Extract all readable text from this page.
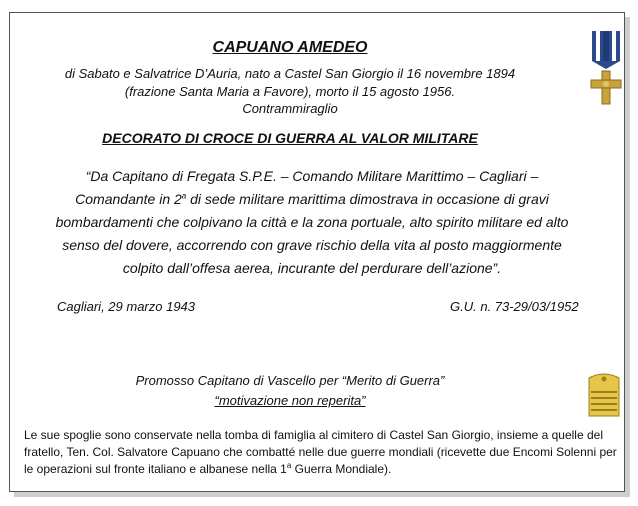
CAPUANO AMEDEO
di Sabato e Salvatrice D’Auria, nato a Castel San Giorgio il 16 novembre 1894
(frazione Santa Maria a Favore), morto il 15 agosto 1956.
Contrammiraglio
DECORATO DI CROCE DI GUERRA AL VALOR MILITARE
“Da Capitano di Fregata S.P.E. – Comando Militare Marittimo – Cagliari – Comandante in 2$^a$ di sede militare marittima dimostrava in occasione di gravi bombardamenti che colpivano la città e la zona portuale, alto spirito militare ed alto senso del dovere, accorrendo con grave rischio della vita al posto maggiormente colpito dall’offesa aerea, incurante del perdurare dell’azione”.
Cagliari, 29 marzo 1943	G.U. n. 73-29/03/1952
Promosso Capitano di Vascello per “Merito di Guerra”
“motivazione non reperita”
Le sue spoglie sono conservate nella tomba di famiglia al cimitero di Castel San Giorgio, insieme a quelle del fratello, Ten. Col. Salvatore Capuano che combatté nelle due guerre mondiali (ricevette due Encomi Solenni per le operazioni sul fronte italiano e albanese nella 1$^a$ Guerra Mondiale).
